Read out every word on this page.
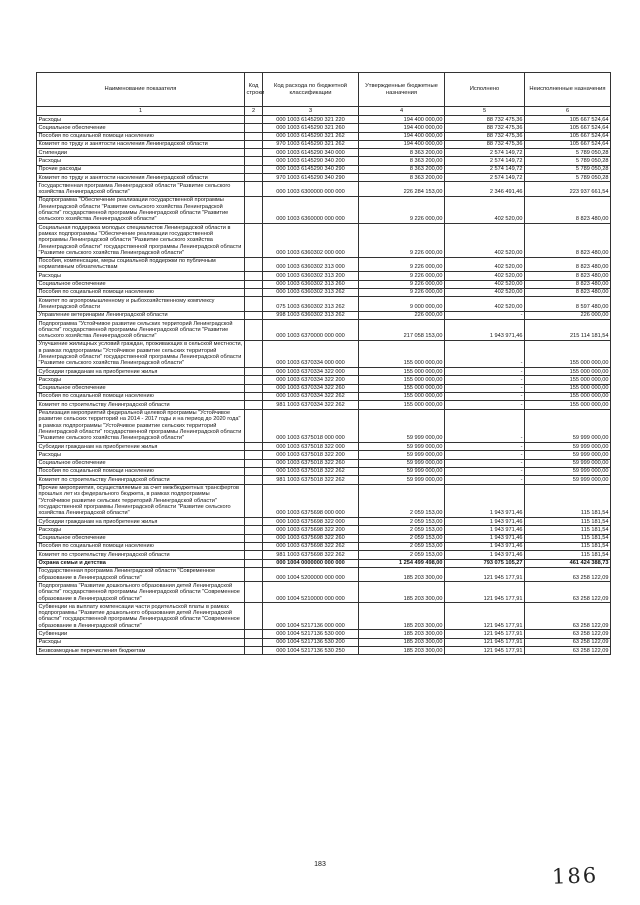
Наименование показателя	Код строки	Код расхода по бюджетной классификации	Утвержденные бюджетные назначения	Исполнено	Неисполненные назначения
1	2	3	4	5	6
Расходы		000 1003 6145290 321 220	194 400 000,00	88 732 475,36	105 667 524,64
Социальное обеспечение		000 1003 6145290 321 260	194 400 000,00	88 732 475,36	105 667 524,64
Пособия по социальной помощи населению		000 1003 6145290 321 262	194 400 000,00	88 732 475,36	105 667 524,64
Комитет по труду и занятости населения Ленинградской области		970 1003 6145290 321 262	194 400 000,00	88 732 475,36	105 667 524,64
Стипендии		000 1003 6145290 340 000	8 363 200,00	2 574 149,72	5 789 050,28
Расходы		000 1003 6145290 340 200	8 363 200,00	2 574 149,72	5 789 050,28
Прочие расходы		000 1003 6145290 340 290	8 363 200,00	2 574 149,72	5 789 050,28
Комитет по труду и занятости населения Ленинградской области		970 1003 6145290 340 290	8 363 200,00	2 574 149,72	5 789 050,28
Государственная программа Ленинградской области "Развитие сельского хозяйства Ленинградской области"		000 1003 6300000 000 000	226 284 153,00	2 346 491,46	223 937 661,54
Подпрограмма "Обеспечение реализации государственной программы Ленинградской области "Развитие сельского хозяйства Ленинградской области" государственной программы Ленинградской области "Развитие сельского хозяйства Ленинградской области"		000 1003 6360000 000 000	9 226 000,00	402 520,00	8 823 480,00
Социальная поддержка молодых специалистов Ленинградской области в рамках подпрограммы "Обеспечение реализации государственной программы Ленинградской области "Развитие сельского хозяйства Ленинградской области" государственной программы Ленинградской области "Развитие сельского хозяйства Ленинградской области"		000 1003 6360302 000 000	9 226 000,00	402 520,00	8 823 480,00
Пособия, компенсации, меры социальной поддержки по публичным нормативным обязательствам		000 1003 6360302 313 000	9 226 000,00	402 520,00	8 823 480,00
Расходы		000 1003 6360302 313 200	9 226 000,00	402 520,00	8 823 480,00
Социальное обеспечение		000 1003 6360302 313 260	9 226 000,00	402 520,00	8 823 480,00
Пособия по социальной помощи населению		000 1003 6360302 313 262	9 226 000,00	402 520,00	8 823 480,00
Комитет по агропромышленному и рыбохозяйственному комплексу Ленинградской области		075 1003 6360302 313 262	9 000 000,00	402 520,00	8 597 480,00
Управление ветеринарии Ленинградской области		998 1003 6360302 313 262	226 000,00	-	226 000,00
Подпрограмма "Устойчивое развитие сельских территорий Ленинградской области" государственной программы Ленинградской области "Развитие сельского хозяйства Ленинградской области"		000 1003 6370000 000 000	217 058 153,00	1 943 971,46	215 114 181,54
Улучшение жилищных условий граждан, проживающих в сельской местности, в рамках подпрограммы "Устойчивое развитие сельских территорий Ленинградской области" государственной программы Ленинградской области "Развитие сельского хозяйства Ленинградской области"		000 1003 6370334 000 000	155 000 000,00	-	155 000 000,00
Субсидии гражданам на приобретение жилья		000 1003 6370334 322 000	155 000 000,00	-	155 000 000,00
Расходы		000 1003 6370334 322 200	155 000 000,00	-	155 000 000,00
Социальное обеспечение		000 1003 6370334 322 260	155 000 000,00	-	155 000 000,00
Пособия по социальной помощи населению		000 1003 6370334 322 262	155 000 000,00	-	155 000 000,00
Комитет по строительству Ленинградской области		981 1003 6370334 322 262	155 000 000,00	-	155 000 000,00
Реализация мероприятий федеральной целевой программы "Устойчивое развитие сельских территорий на 2014 - 2017 годы и на период до 2020 года" в рамках подпрограммы "Устойчивое развитие сельских территорий Ленинградской области" государственной программы Ленинградской области "Развитие сельского хозяйства Ленинградской области"		000 1003 6375018 000 000	59 999 000,00	-	59 999 000,00
Субсидии гражданам на приобретение жилья		000 1003 6375018 322 000	59 999 000,00	-	59 999 000,00
Расходы		000 1003 6375018 322 200	59 999 000,00	-	59 999 000,00
Социальное обеспечение		000 1003 6375018 322 260	59 999 000,00	-	59 999 000,00
Пособия по социальной помощи населению		000 1003 6375018 322 262	59 999 000,00	-	59 999 000,00
Комитет по строительству Ленинградской области		981 1003 6375018 322 262	59 999 000,00	-	59 999 000,00
Прочие мероприятия, осуществляемые за счет межбюджетных трансфертов прошлых лет из федерального бюджета, в рамках подпрограммы "Устойчивое развитие сельских территорий Ленинградской области" государственной программы Ленинградской области "Развитие сельского хозяйства Ленинградской области"		000 1003 6375698 000 000	2 059 153,00	1 943 971,46	115 181,54
Субсидии гражданам на приобретение жилья		000 1003 6375698 322 000	2 059 153,00	1 943 971,46	115 181,54
Расходы		000 1003 6375698 322 200	2 059 153,00	1 943 971,46	115 181,54
Социальное обеспечение		000 1003 6375698 322 260	2 059 153,00	1 943 971,46	115 181,54
Пособия по социальной помощи населению		000 1003 6375698 322 262	2 059 153,00	1 943 971,46	115 181,54
Комитет по строительству Ленинградской области		981 1003 6375698 322 262	2 059 153,00	1 943 971,46	115 181,54
Охрана семьи и детства		000 1004 0000000 000 000	1 254 499 498,00	793 075 105,27	461 424 388,73
Государственная программа Ленинградской области "Современное образование в Ленинградской области"		000 1004 5200000 000 000	185 203 300,00	121 945 177,91	63 258 122,09
Подпрограмма "Развитие дошкольного образования детей Ленинградской области" государственной программы Ленинградской области "Современное образование в Ленинградской области"		000 1004 5210000 000 000	185 203 300,00	121 945 177,91	63 258 122,09
Субвенции на выплату компенсации части родительской платы в рамках подпрограммы "Развитие дошкольного образования детей Ленинградской области" государственной программы Ленинградской области "Современное образование в Ленинградской области"		000 1004 5217136 000 000	185 203 300,00	121 945 177,91	63 258 122,09
Субвенции		000 1004 5217136 530 000	185 203 300,00	121 945 177,91	63 258 122,09
Расходы		000 1004 5217136 530 200	185 203 300,00	121 945 177,91	63 258 122,09
Безвозмездные перечисления бюджетам		000 1004 5217136 530 250	185 203 300,00	121 945 177,91	63 258 122,09
183	186
